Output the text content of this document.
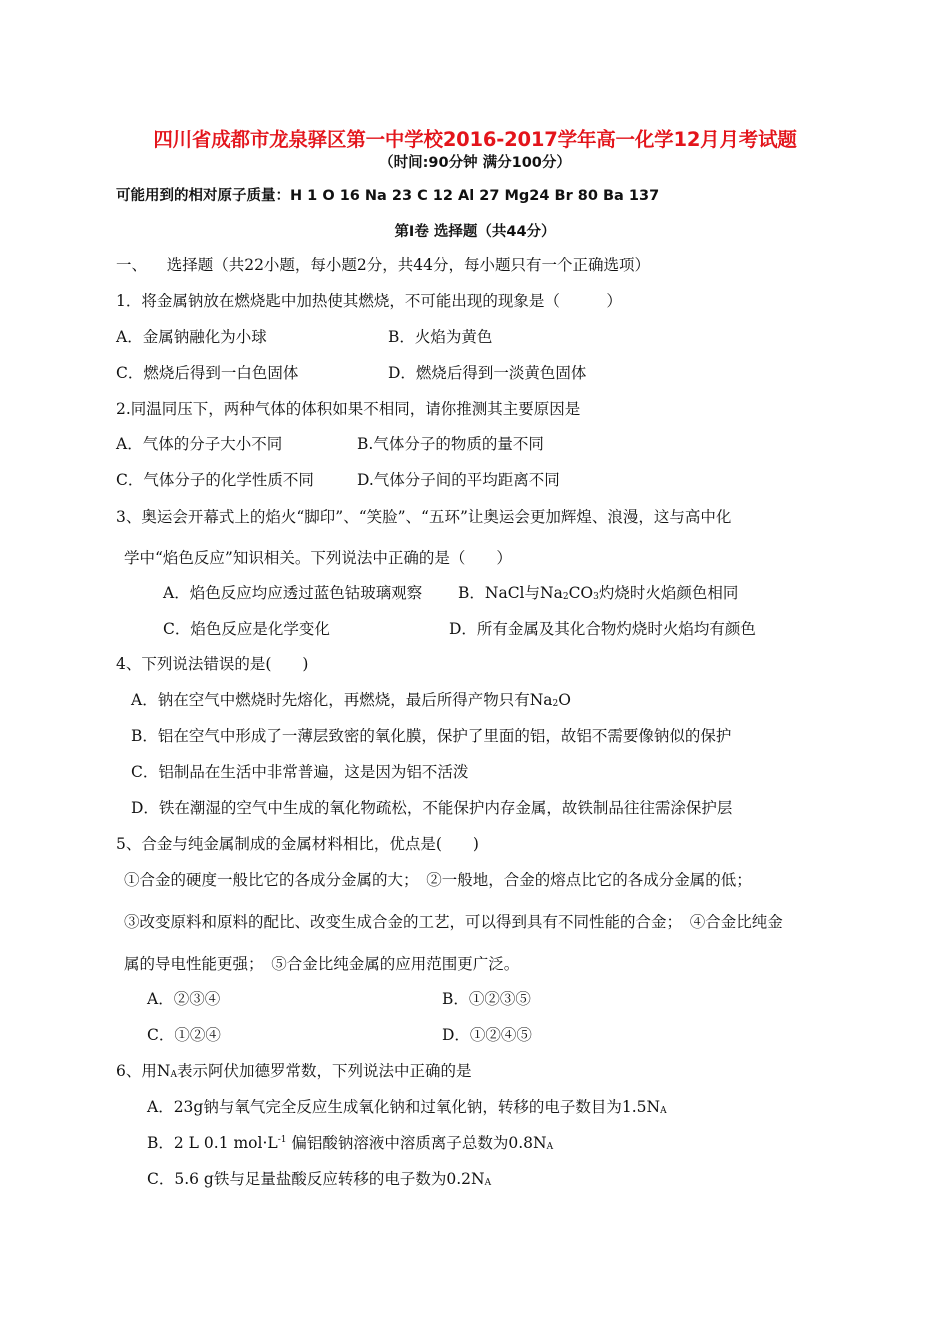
四川省成都市龙泉驿区第一中学校2016-2017学年高一化学12月月考试题
（时间:90分钟 满分100分）
可能用到的相对原子质量：H 1 O 16 Na 23 C 12 Al 27 Mg24 Br 80 Ba 137
第Ⅰ卷 选择题（共44分）
一、    选择题（共22小题，每小题2分，共44分，每小题只有一个正确选项）
1．将金属钠放在燃烧匙中加热使其燃烧，不可能出现的现象是（　　　）
A．金属钠融化为小球	B．火焰为黄色
C．燃烧后得到一白色固体	D．燃烧后得到一淡黄色固体
2.同温同压下，两种气体的体积如果不相同，请你推测其主要原因是
A．气体的分子大小不同	B.气体分子的物质的量不同
C．气体分子的化学性质不同	D.气体分子间的平均距离不同
3、奥运会开幕式上的焰火“脚印”、“笑脸”、“五环”让奥运会更加辉煌、浪漫，这与高中化
学中“焰色反应”知识相关。下列说法中正确的是（　　）
A．焰色反应均应透过蓝色钴玻璃观察 B．NaCl与$Na_2CO_3$灼烧时火焰颜色相同
C．焰色反应是化学变化	D．所有金属及其化合物灼烧时火焰均有颜色
4、下列说法错误的是(　　)
A．钠在空气中燃烧时先熔化，再燃烧，最后所得产物只有$Na_2O$
B．铝在空气中形成了一薄层致密的氧化膜，保护了里面的铝，故铝不需要像钠似的保护
C．铝制品在生活中非常普遍，这是因为铝不活泼
D．铁在潮湿的空气中生成的氧化物疏松，不能保护内存金属，故铁制品往往需涂保护层
5、合金与纯金属制成的金属材料相比，优点是(　　)
①合金的硬度一般比它的各成分金属的大；　②一般地，合金的熔点比它的各成分金属的低；
③改变原料和原料的配比、改变生成合金的工艺，可以得到具有不同性能的合金；　④合金比纯金
属的导电性能更强；　⑤合金比纯金属的应用范围更广泛。
A．②③④	B．①②③⑤
C．①②④	D．①②④⑤
6、用$N_A$表示阿伏加德罗常数，下列说法中正确的是
A．23g钠与氧气完全反应生成氧化钠和过氧化钠，转移的电子数目为$1.5N_A$
B．2 L 0.1 $mol\cdot L^{-1}$ 偏铝酸钠溶液中溶质离子总数为$0.8N_A$
C．5.6 g铁与足量盐酸反应转移的电子数为$0.2N_A$
